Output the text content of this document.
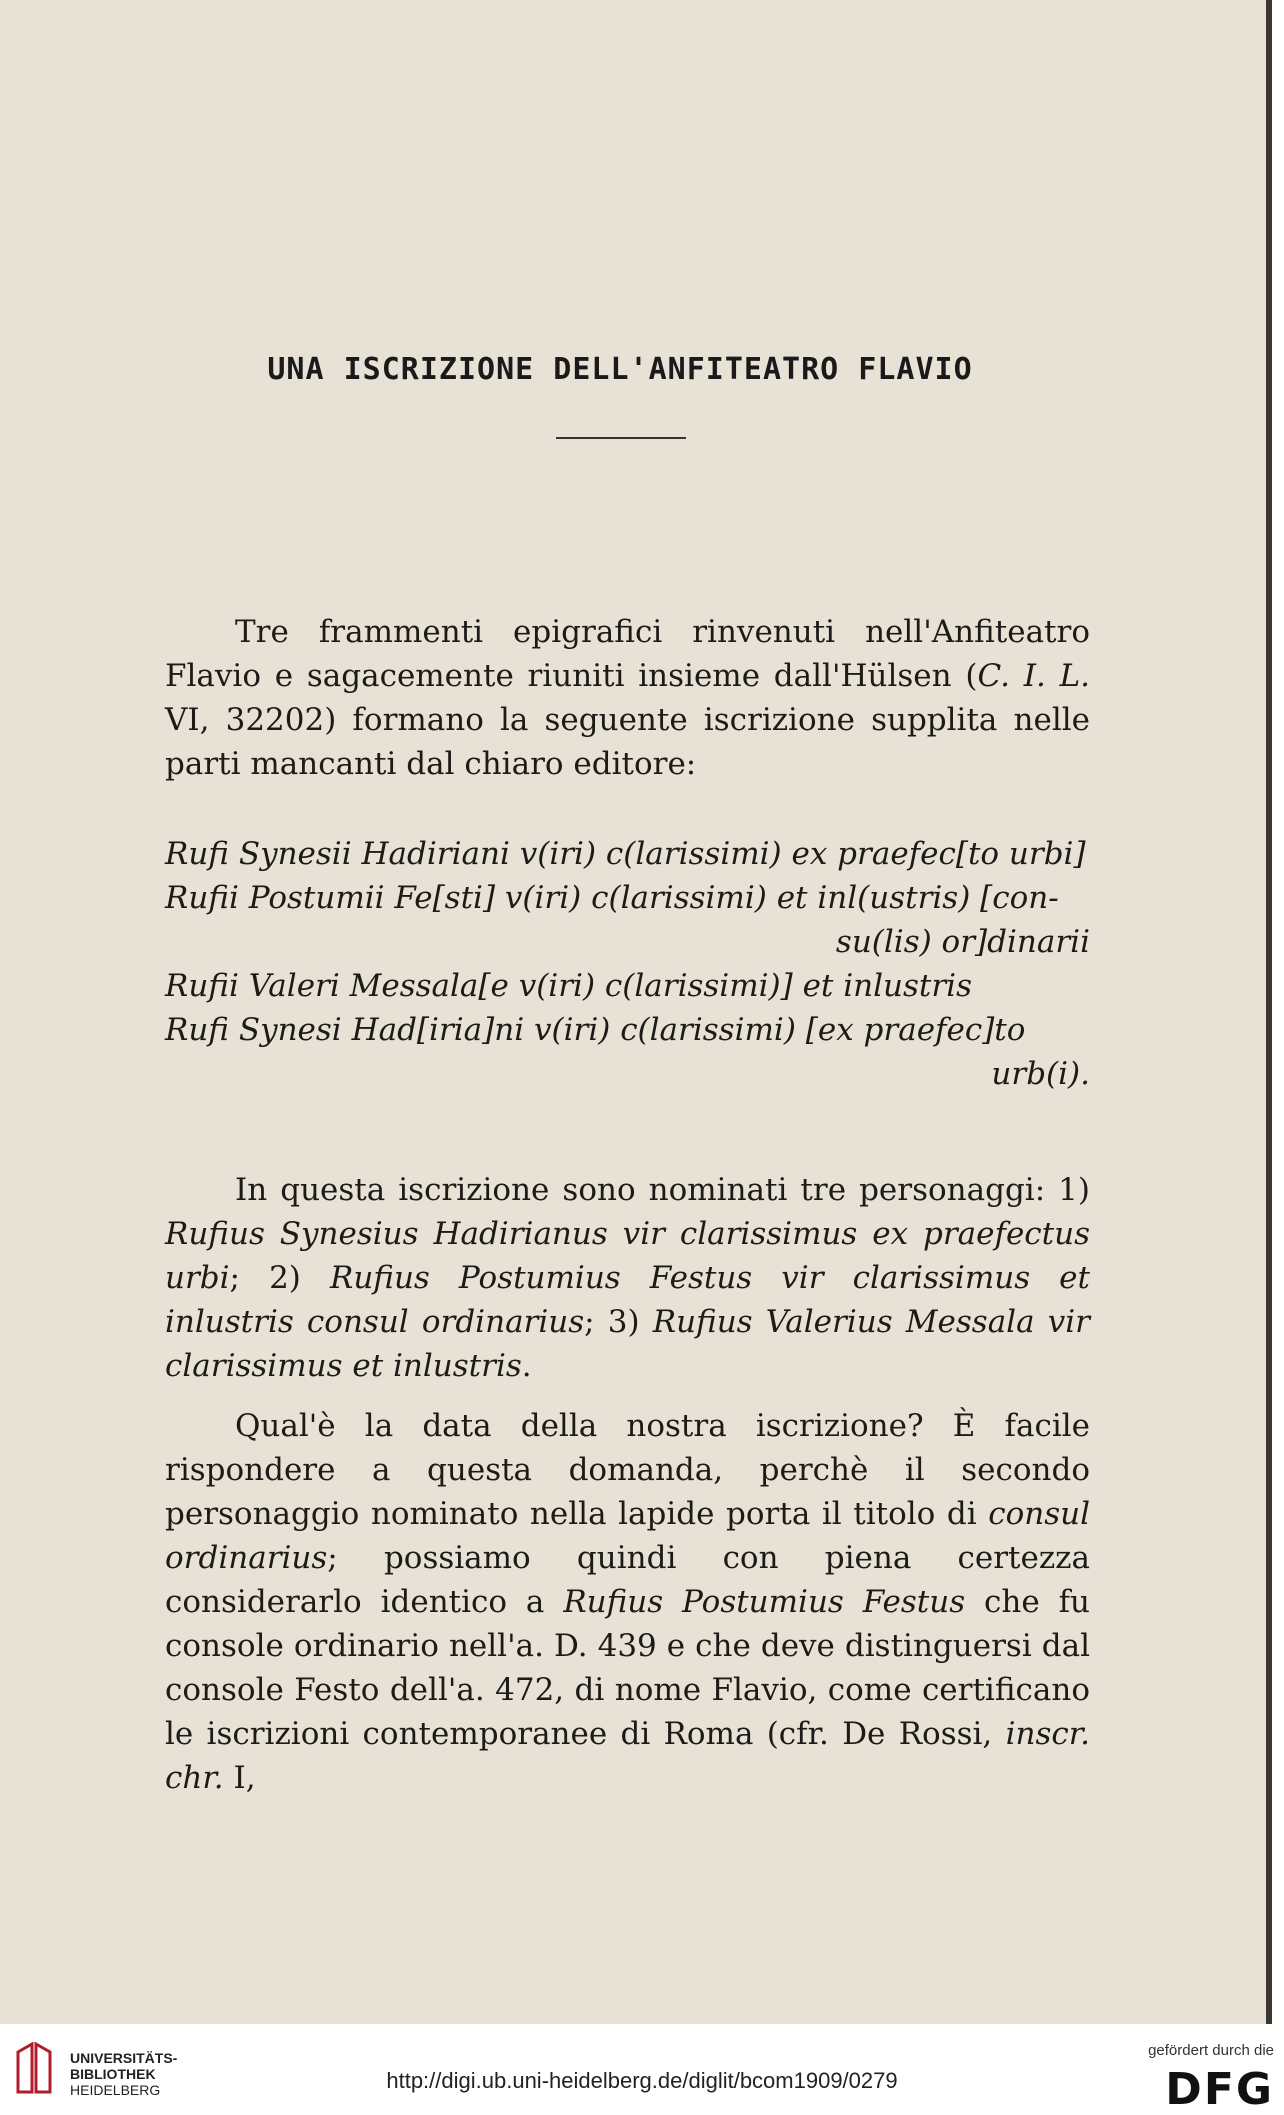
UNA ISCRIZIONE DELL'ANFITEATRO FLAVIO
Tre frammenti epigrafici rinvenuti nell'Anfiteatro Flavio e sagacemente riuniti insieme dall'Hülsen (C. I. L. VI, 32202) formano la seguente iscrizione supplita nelle parti mancanti dal chiaro editore:
Rufi Synesii Hadiriani v(iri) c(larissimi) ex praefec[to urbi]
Rufii Postumii Fe[sti] v(iri) c(larissimi) et inl(ustris) [con-
su(lis) or]dinarii
Rufii Valeri Messala[e v(iri) c(larissimi)] et inlustris
Rufi Synesi Had[iria]ni v(iri) c(larissimi) [ex praefec]to
urb(i).
In questa iscrizione sono nominati tre personaggi: 1) Rufius Synesius Hadirianus vir clarissimus ex praefectus urbi; 2) Rufius Postumius Festus vir clarissimus et inlustris consul ordinarius; 3) Rufius Valerius Messala vir clarissimus et inlustris.
Qual'è la data della nostra iscrizione? È facile rispondere a questa domanda, perchè il secondo personaggio nominato nella lapide porta il titolo di consul ordinarius; possiamo quindi con piena certezza considerarlo identico a Rufius Postumius Festus che fu console ordinario nell'a. D. 439 e che deve distinguersi dal console Festo dell'a. 472, di nome Flavio, come certificano le iscrizioni contemporanee di Roma (cfr. De Rossi, inscr. chr. I,
UNIVERSITÄTS-
BIBLIOTHEK
HEIDELBERG	http://digi.ub.uni-heidelberg.de/diglit/bcom1909/0279
gefördert durch die
DFG
